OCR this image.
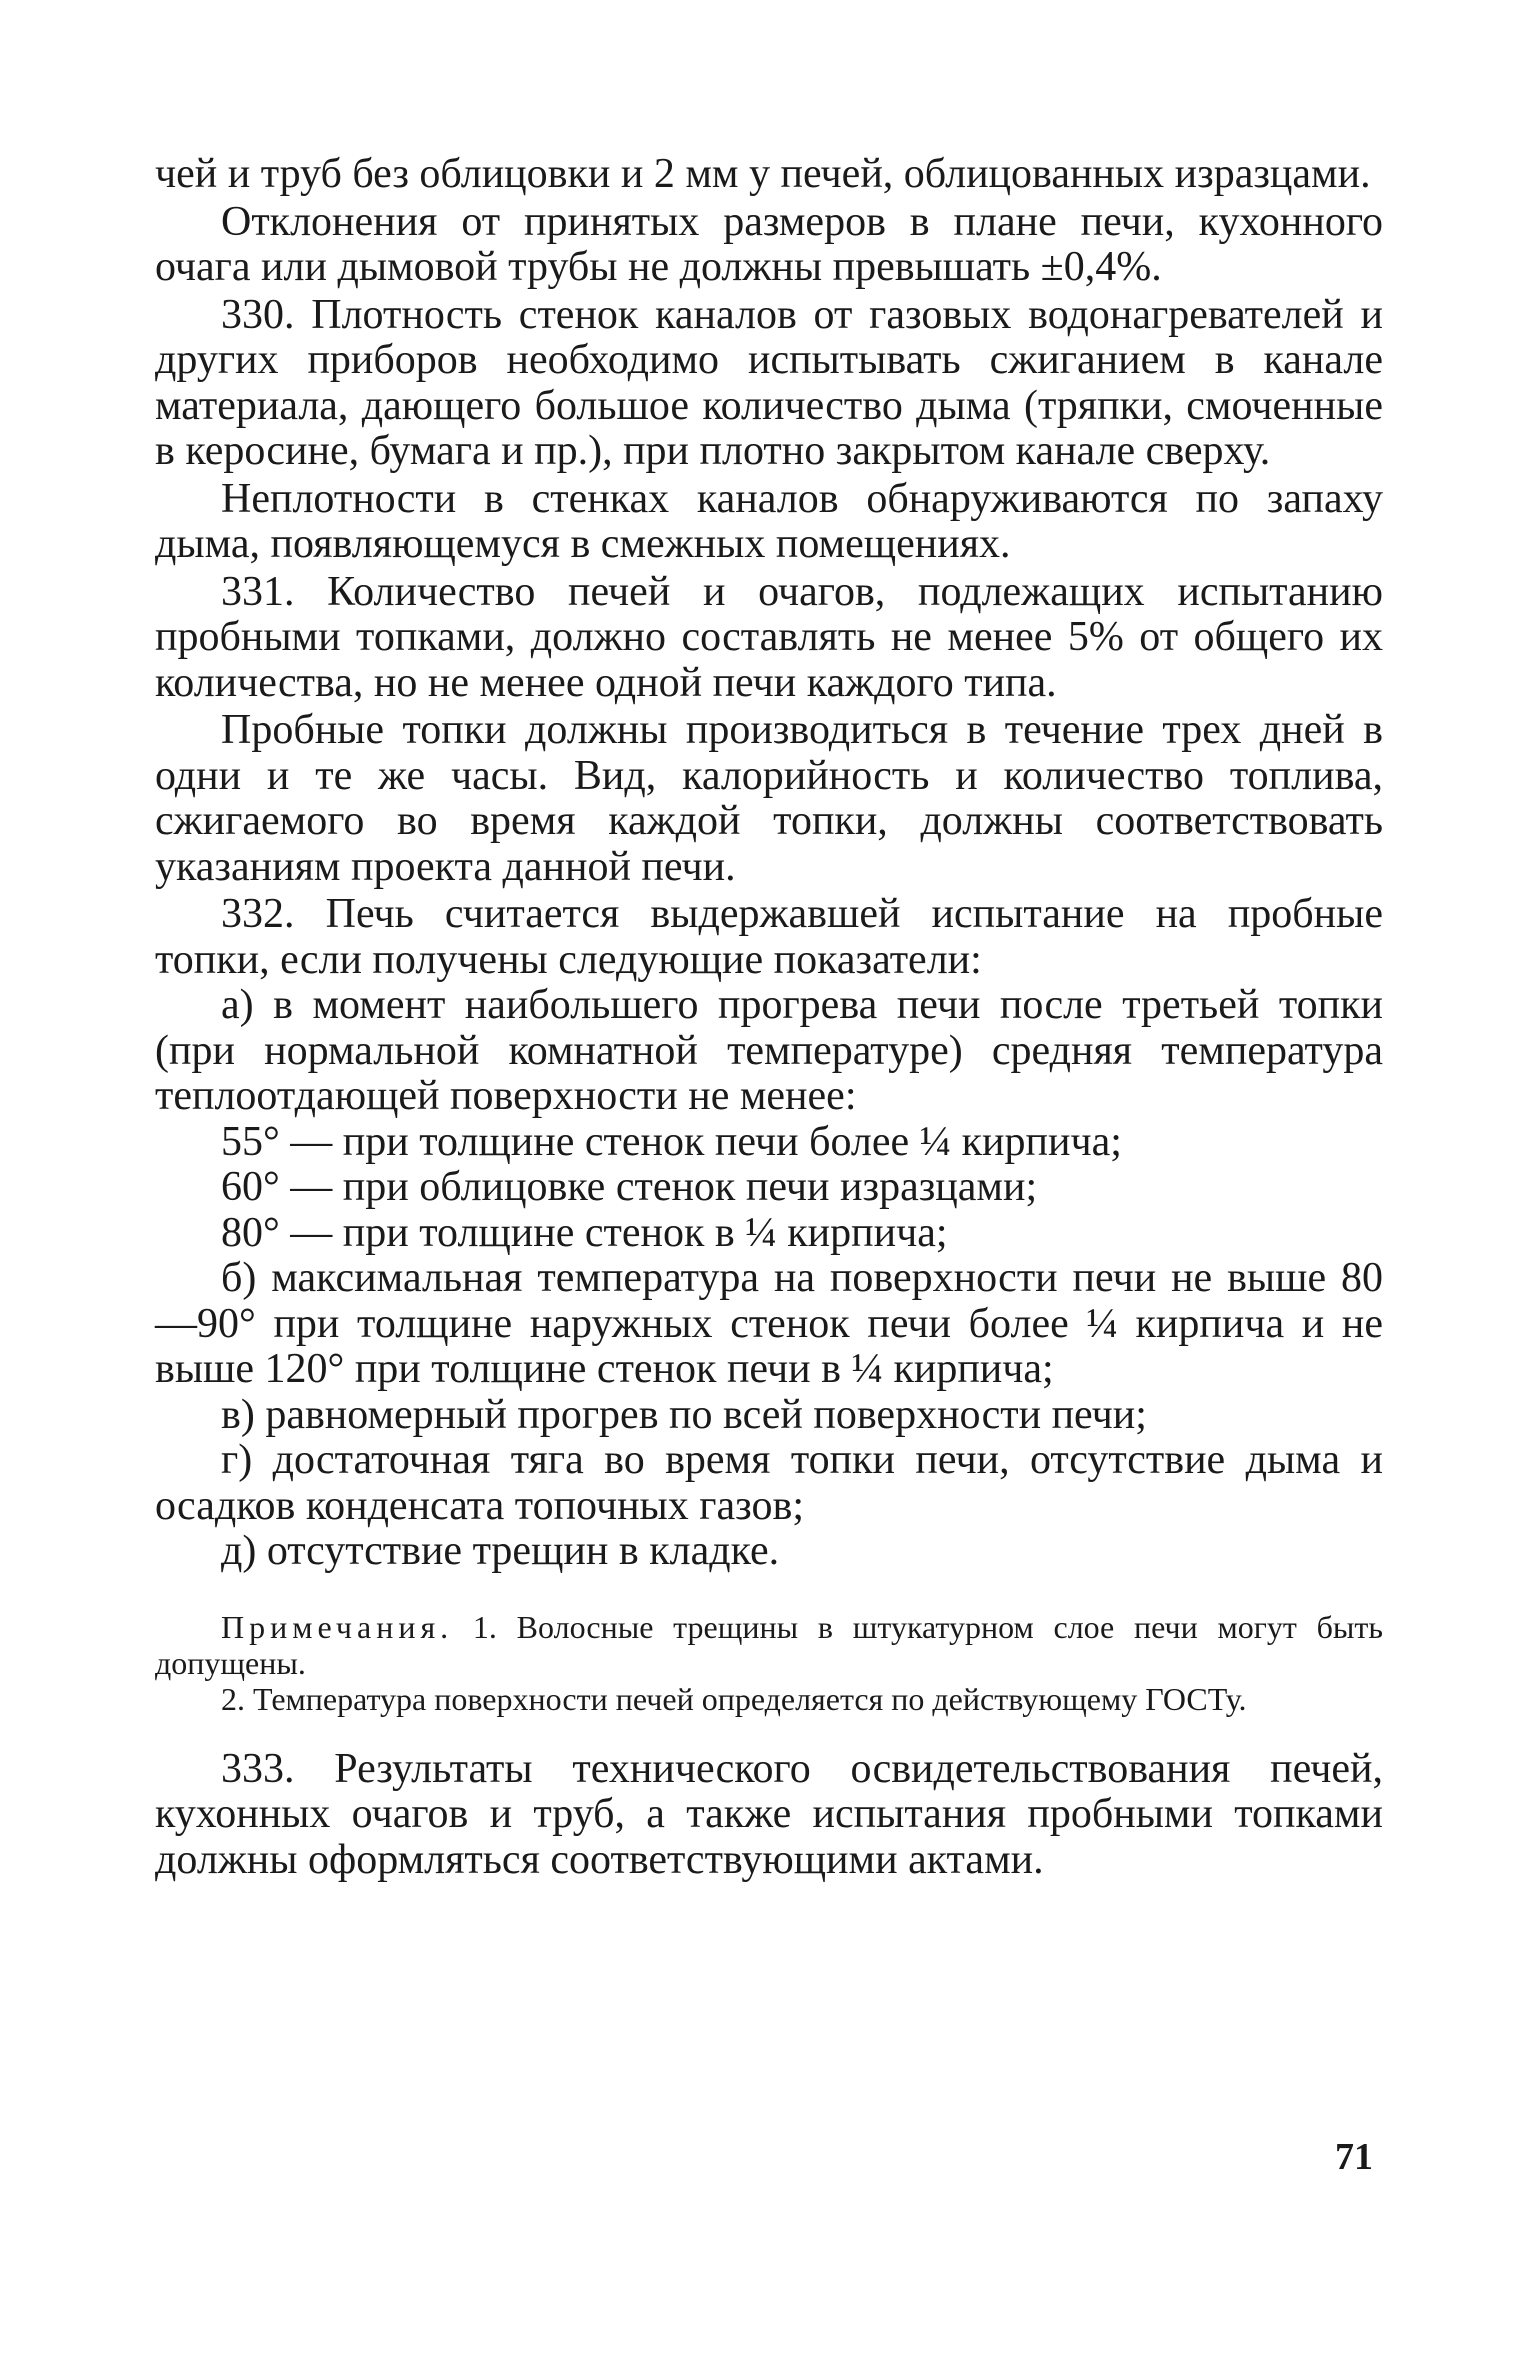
чей и труб без облицовки и 2 мм у печей, облицованных изразцами.

Отклонения от принятых размеров в плане печи, кухонного очага или дымовой трубы не должны превышать ±0,4%.

330. Плотность стенок каналов от газовых водонагревателей и других приборов необходимо испытывать сжиганием в канале материала, дающего большое количество дыма (тряпки, смоченные в керосине, бумага и пр.), при плотно закрытом канале сверху.

Неплотности в стенках каналов обнаруживаются по запаху дыма, появляющемуся в смежных помещениях.

331. Количество печей и очагов, подлежащих испытанию пробными топками, должно составлять не менее 5% от общего их количества, но не менее одной печи каждого типа.

Пробные топки должны производиться в течение трех дней в одни и те же часы. Вид, калорийность и количество топлива, сжигаемого во время каждой топки, должны соответствовать указаниям проекта данной печи.

332. Печь считается выдержавшей испытание на пробные топки, если получены следующие показатели:

а) в момент наибольшего прогрева печи после третьей топки (при нормальной комнатной температуре) средняя температура теплоотдающей поверхности не менее:

55° — при толщине стенок печи более ¼ кирпича;

60° — при облицовке стенок печи изразцами;

80° — при толщине стенок в ¼ кирпича;

б) максимальная температура на поверхности печи не выше 80—90° при толщине наружных стенок печи более ¼ кирпича и не выше 120° при толщине стенок печи в ¼ кирпича;

в) равномерный прогрев по всей поверхности печи;

г) достаточная тяга во время топки печи, отсутствие дыма и осадков конденсата топочных газов;

д) отсутствие трещин в кладке.

Примечания. 1. Волосные трещины в штукатурном слое печи могут быть допущены.

2. Температура поверхности печей определяется по действующему ГОСТу.

333. Результаты технического освидетельствования печей, кухонных очагов и труб, а также испытания пробными топками должны оформляться соответствующими актами.

71
